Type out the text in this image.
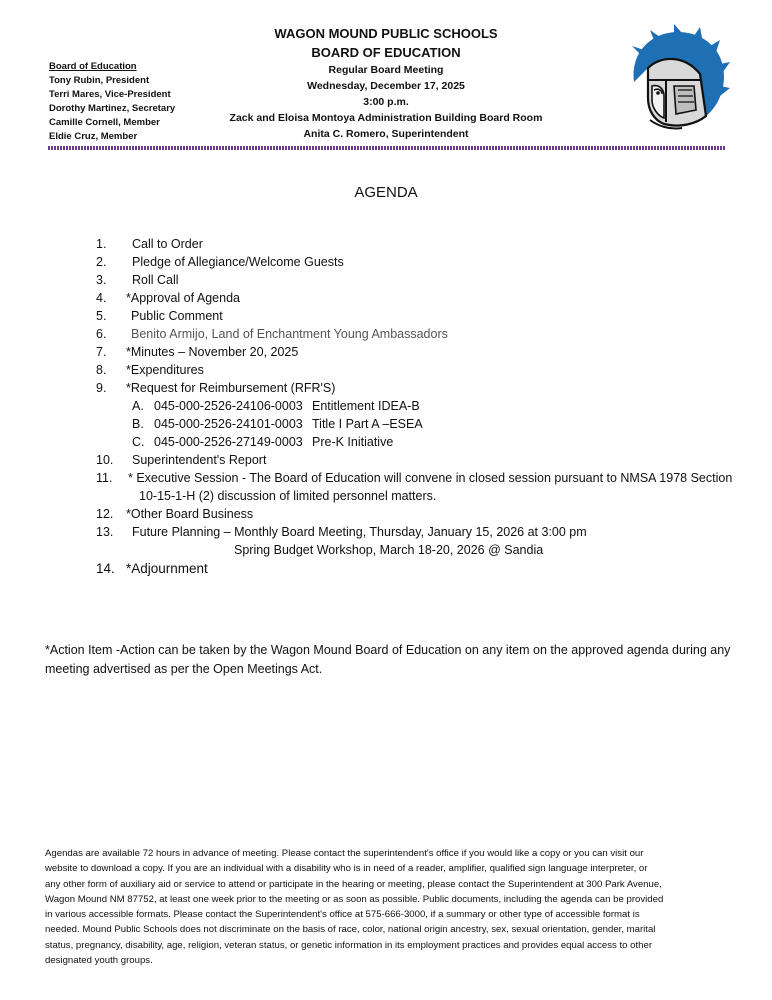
Board of Education
Tony Rubin, President
Terri Mares, Vice-President
Dorothy Martinez, Secretary
Camille Cornell, Member
Eldie Cruz, Member
WAGON MOUND PUBLIC SCHOOLS
BOARD OF EDUCATION
Regular Board Meeting
Wednesday, December 17, 2025
3:00 p.m.
Zack and Eloisa Montoya Administration Building Board Room
Anita C. Romero, Superintendent
AGENDA
1. Call to Order
2. Pledge of Allegiance/Welcome Guests
3. Roll Call
4. *Approval of Agenda
5. Public Comment
6. Benito Armijo, Land of Enchantment Young Ambassadors
7. *Minutes – November 20, 2025
8. *Expenditures
9. *Request for Reimbursement (RFR'S)
A. 045-000-2526-24106-0003 Entitlement IDEA-B
B. 045-000-2526-24101-0003 Title I Part A –ESEA
C. 045-000-2526-27149-0003 Pre-K Initiative
10. Superintendent's Report
11. * Executive Session - The Board of Education will convene in closed session pursuant to NMSA 1978 Section
10-15-1-H (2) discussion of limited personnel matters.
12. *Other Board Business
13. Future Planning – Monthly Board Meeting, Thursday, January 15, 2026 at 3:00 pm
Spring Budget Workshop, March 18-20, 2026 @ Sandia
14. *Adjournment
*Action Item -Action can be taken by the Wagon Mound Board of Education on any item on the approved agenda during any meeting advertised as per the Open Meetings Act.
Agendas are available 72 hours in advance of meeting. Please contact the superintendent's office if you would like a copy or you can visit our
website to download a copy. If you are an individual with a disability who is in need of a reader, amplifier, qualified sign language interpreter, or
any other form of auxiliary aid or service to attend or participate in the hearing or meeting, please contact the Superintendent at 300 Park Avenue,
Wagon Mound NM 87752, at least one week prior to the meeting or as soon as possible. Public documents, including the agenda can be provided
in various accessible formats. Please contact the Superintendent's office at 575-666-3000, if a summary or other type of accessible format is
needed. Mound Public Schools does not discriminate on the basis of race, color, national origin ancestry, sex, sexual orientation, gender, marital
status, pregnancy, disability, age, religion, veteran status, or genetic information in its employment practices and provides equal access to other
designated youth groups.
